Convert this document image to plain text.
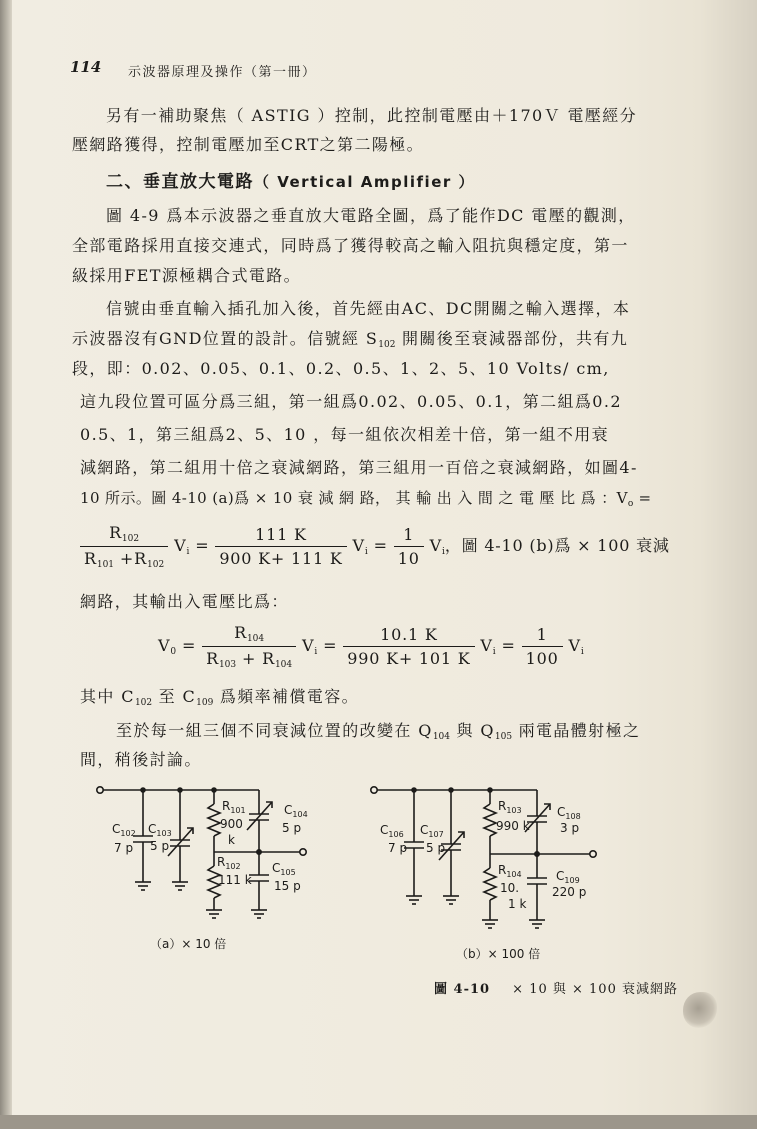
114 示波器原理及操作（第一冊）
另有一補助聚焦（ ASTIG ）控制，此控制電壓由＋170Ｖ 電壓經分
壓網路獲得，控制電壓加至CRT之第二陽極。
二、垂直放大電路（ Vertical Amplifier ）
圖 4-9 爲本示波器之垂直放大電路全圖，爲了能作DC 電壓的觀測，
全部電路採用直接交連式，同時爲了獲得較高之輸入阻抗與穩定度，第一
級採用FET源極耦合式電路。
信號由垂直輸入插孔加入後，首先經由AC、DC開關之輸入選擇，本
示波器沒有GND位置的設計。信號經 $S_{102}$ 開關後至衰減器部份，共有九
段，即：0.02、0.05、0.1、0.2、0.5、1、2、5、10 Volts/ cm,
這九段位置可區分爲三組，第一組爲0.02、0.05、0.1，第二組爲0.2
0.5、1，第三組爲2、5、10 ，每一組依次相差十倍，第一組不用衰
減網路，第二組用十倍之衰減網路，第三組用一百倍之衰減網路，如圖4-
10 所示。圖 4-10 (a)爲 × 10 衰 減 網 路， 其 輸 出 入 間 之 電 壓 比 爲 ：$V_o$ =
$\frac{R_{102}}{R_{101} +R_{102}} V_i = \frac{111 K}{900 K+ 111 K} V_i = \frac{1}{10} V_i$，圖 4-10 (b)爲 × 100 衰減
網路，其輸出入電壓比爲：
$V_0 = \frac{R_{104}}{R_{103} + R_{104}} V_i = \frac{10.1 K}{990 K+ 101 K} V_i = \frac{1}{100} V_i$
其中 $C_{102}$ 至 $C_{109}$ 爲頻率補償電容。
至於每一組三個不同衰減位置的改變在 $Q_{104}$ 與 $Q_{105}$ 兩電晶體射極之
間，稍後討論。
$C_{102}$
7 p
$C_{103}$
5 p
$R_{101}$
900
k
$C_{104}$
5 p
$R_{102}$
111 k
$C_{105}$
15 p
（a）× 10 倍
$C_{106}$
7 p
$C_{107}$
5 p
$R_{103}$
990 k
$C_{108}$
3 p
$R_{104}$
10.
1 k
$C_{109}$
220 p
（b）× 100 倍
圖 4-10 × 10 與 × 100 衰減網路
